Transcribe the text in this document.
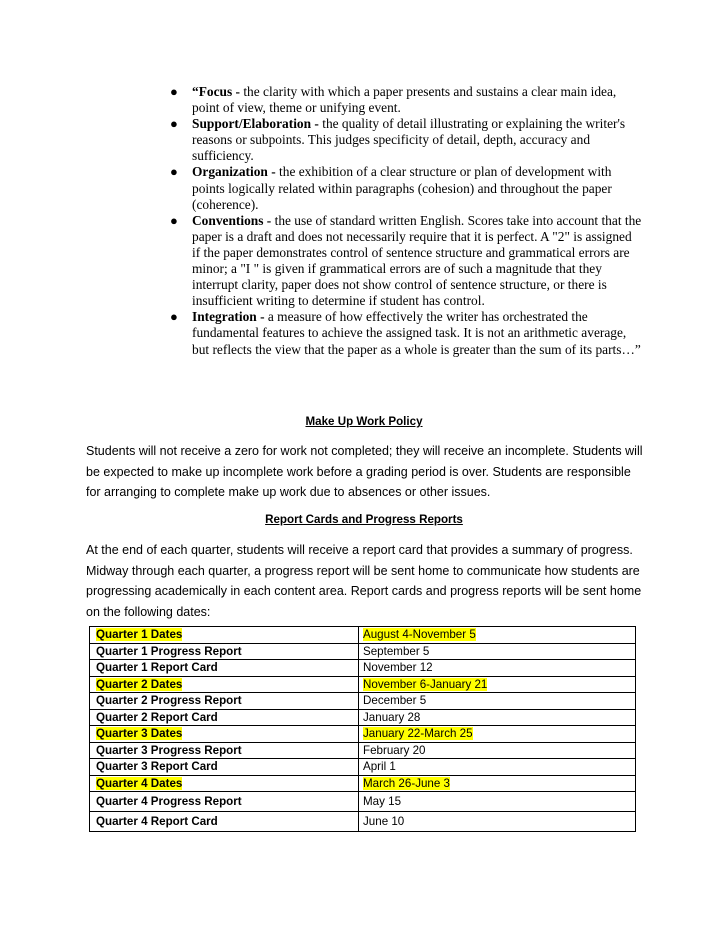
● “Focus - the clarity with which a paper presents and sustains a clear main idea, point of view, theme or unifying event.
● Support/Elaboration - the quality of detail illustrating or explaining the writer's reasons or subpoints. This judges specificity of detail, depth, accuracy and sufficiency.
● Organization - the exhibition of a clear structure or plan of development with points logically related within paragraphs (cohesion) and throughout the paper (coherence).
● Conventions - the use of standard written English. Scores take into account that the paper is a draft and does not necessarily require that it is perfect. A "2" is assigned if the paper demonstrates control of sentence structure and grammatical errors are minor; a "I " is given if grammatical errors are of such a magnitude that they interrupt clarity, paper does not show control of sentence structure, or there is insufficient writing to determine if student has control.
● Integration - a measure of how effectively the writer has orchestrated the fundamental features to achieve the assigned task. It is not an arithmetic average, but reflects the view that the paper as a whole is greater than the sum of its parts…”
Make Up Work Policy

Students will not receive a zero for work not completed; they will receive an incomplete. Students will be expected to make up incomplete work before a grading period is over. Students are responsible for arranging to complete make up work due to absences or other issues.

Report Cards and Progress Reports

At the end of each quarter, students will receive a report card that provides a summary of progress. Midway through each quarter, a progress report will be sent home to communicate how students are progressing academically in each content area. Report cards and progress reports will be sent home on the following dates:

Quarter 1 Dates	August 4-November 5
Quarter 1 Progress Report	September 5
Quarter 1 Report Card	November 12
Quarter 2 Dates	November 6-January 21
Quarter 2 Progress Report	December 5
Quarter 2 Report Card	January 28
Quarter 3 Dates	January 22-March 25
Quarter 3 Progress Report	February 20
Quarter 3 Report Card	April 1
Quarter 4 Dates	March 26-June 3
Quarter 4 Progress Report	May 15
Quarter 4 Report Card	June 10
